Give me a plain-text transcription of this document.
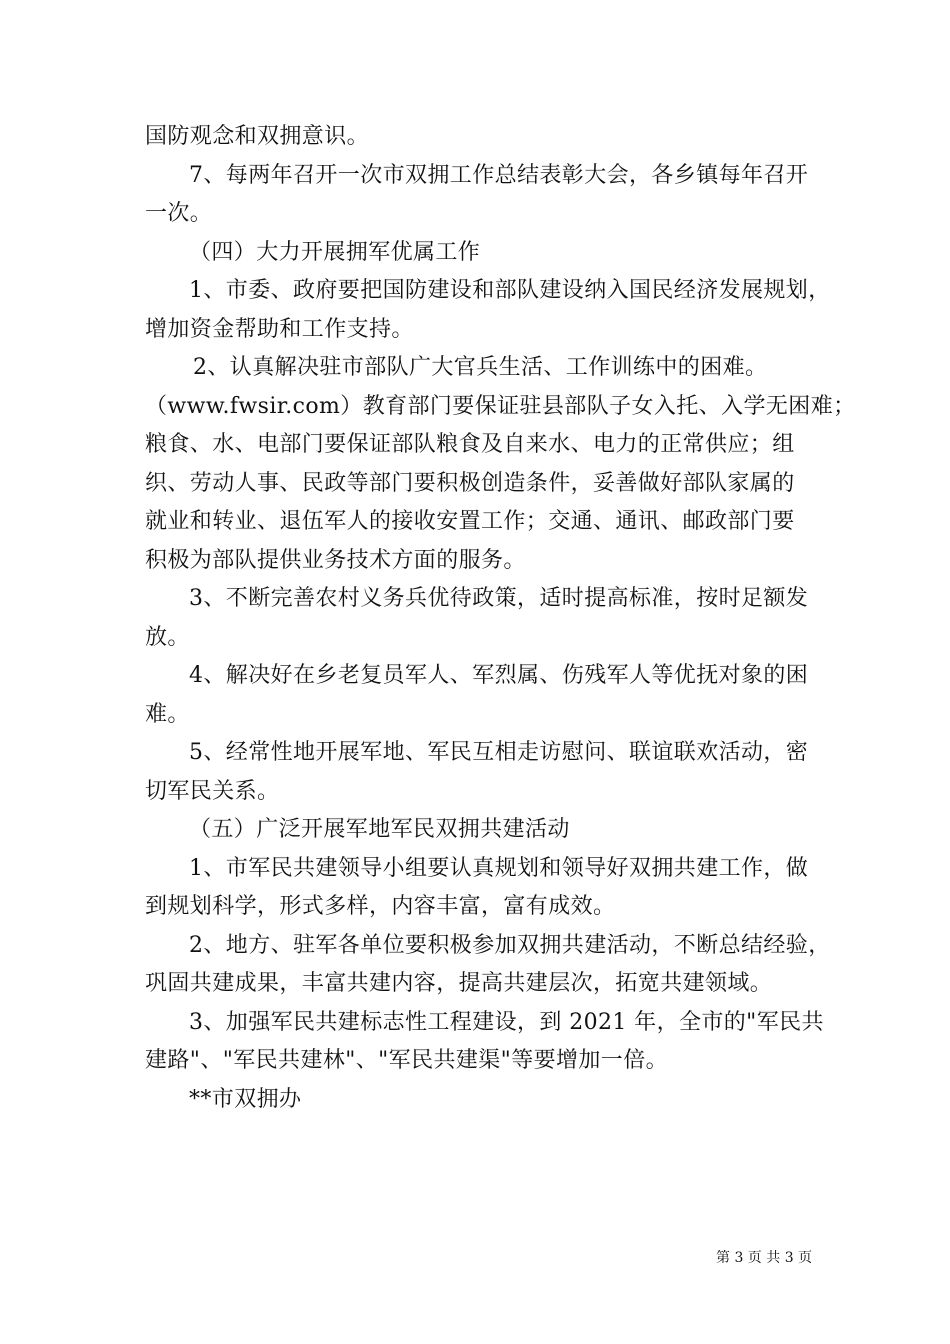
国防观念和双拥意识。
7、每两年召开一次市双拥工作总结表彰大会，各乡镇每年召开
一次。
（四）大力开展拥军优属工作
1、市委、政府要把国防建设和部队建设纳入国民经济发展规划，
增加资金帮助和工作支持。
2、认真解决驻市部队广大官兵生活、工作训练中的困难。
（www.fwsir.com）教育部门要保证驻县部队子女入托、入学无困难；
粮食、水、电部门要保证部队粮食及自来水、电力的正常供应；组
织、劳动人事、民政等部门要积极创造条件，妥善做好部队家属的
就业和转业、退伍军人的接收安置工作；交通、通讯、邮政部门要
积极为部队提供业务技术方面的服务。
3、不断完善农村义务兵优待政策，适时提高标准，按时足额发
放。
4、解决好在乡老复员军人、军烈属、伤残军人等优抚对象的困
难。
5、经常性地开展军地、军民互相走访慰问、联谊联欢活动，密
切军民关系。
（五）广泛开展军地军民双拥共建活动
1、市军民共建领导小组要认真规划和领导好双拥共建工作，做
到规划科学，形式多样，内容丰富，富有成效。
2、地方、驻军各单位要积极参加双拥共建活动，不断总结经验，
巩固共建成果，丰富共建内容，提高共建层次，拓宽共建领域。
3、加强军民共建标志性工程建设，到 2021 年，全市的"军民共
建路"、"军民共建林"、"军民共建渠"等要增加一倍。
**市双拥办
第 3 页 共 3 页
